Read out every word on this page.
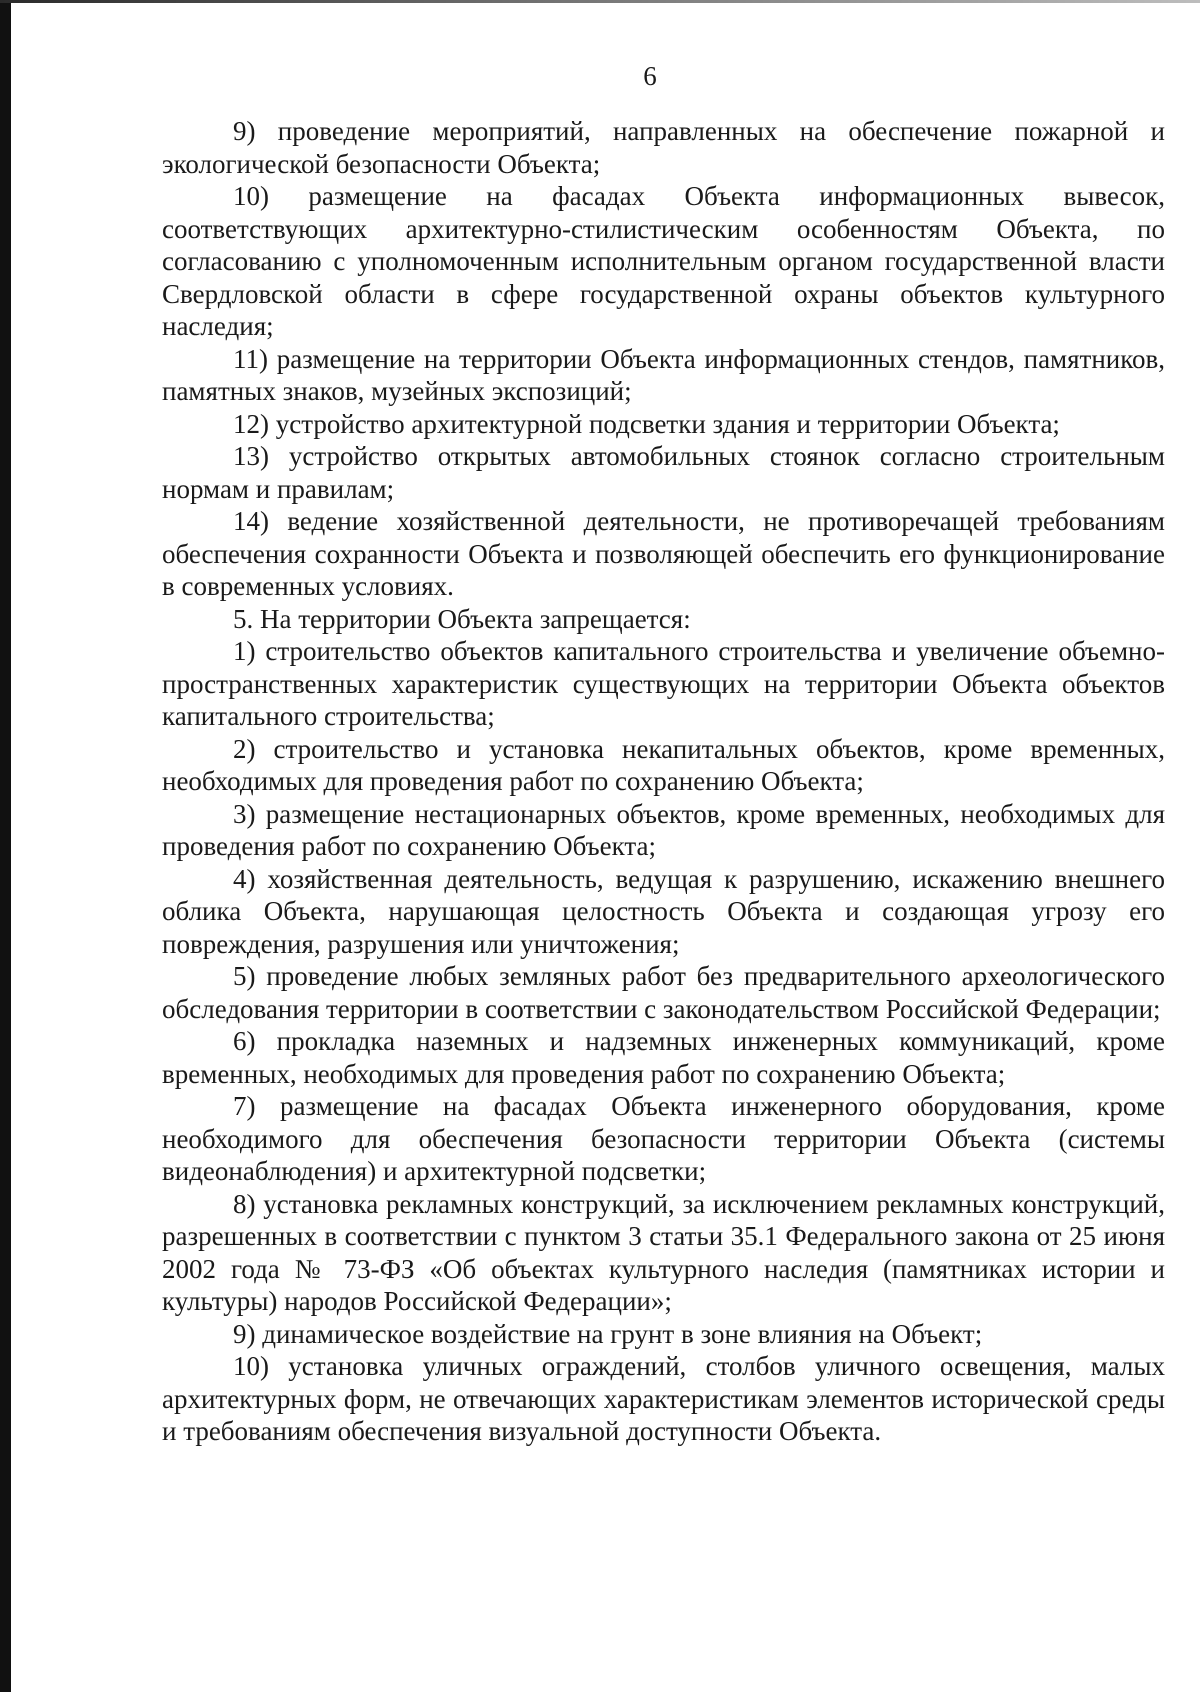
6

9) проведение мероприятий, направленных на обеспечение пожарной и экологической безопасности Объекта;

10) размещение на фасадах Объекта информационных вывесок, соответствующих архитектурно-стилистическим особенностям Объекта, по согласованию с уполномоченным исполнительным органом государственной власти Свердловской области в сфере государственной охраны объектов культурного наследия;

11) размещение на территории Объекта информационных стендов, памятников, памятных знаков, музейных экспозиций;

12) устройство архитектурной подсветки здания и территории Объекта;

13) устройство открытых автомобильных стоянок согласно строительным нормам и правилам;

14) ведение хозяйственной деятельности, не противоречащей требованиям обеспечения сохранности Объекта и позволяющей обеспечить его функционирование в современных условиях.

5. На территории Объекта запрещается:

1) строительство объектов капитального строительства и увеличение объемно-пространственных характеристик существующих на территории Объекта объектов капитального строительства;

2) строительство и установка некапитальных объектов, кроме временных, необходимых для проведения работ по сохранению Объекта;

3) размещение нестационарных объектов, кроме временных, необходимых для проведения работ по сохранению Объекта;

4) хозяйственная деятельность, ведущая к разрушению, искажению внешнего облика Объекта, нарушающая целостность Объекта и создающая угрозу его повреждения, разрушения или уничтожения;

5) проведение любых земляных работ без предварительного археологического обследования территории в соответствии с законодательством Российской Федерации;

6) прокладка наземных и надземных инженерных коммуникаций, кроме временных, необходимых для проведения работ по сохранению Объекта;

7) размещение на фасадах Объекта инженерного оборудования, кроме необходимого для обеспечения безопасности территории Объекта (системы видеонаблюдения) и архитектурной подсветки;

8) установка рекламных конструкций, за исключением рекламных конструкций, разрешенных в соответствии с пунктом 3 статьи 35.1 Федерального закона от 25 июня 2002 года № 73-ФЗ «Об объектах культурного наследия (памятниках истории и культуры) народов Российской Федерации»;

9) динамическое воздействие на грунт в зоне влияния на Объект;

10) установка уличных ограждений, столбов уличного освещения, малых архитектурных форм, не отвечающих характеристикам элементов исторической среды и требованиям обеспечения визуальной доступности Объекта.
